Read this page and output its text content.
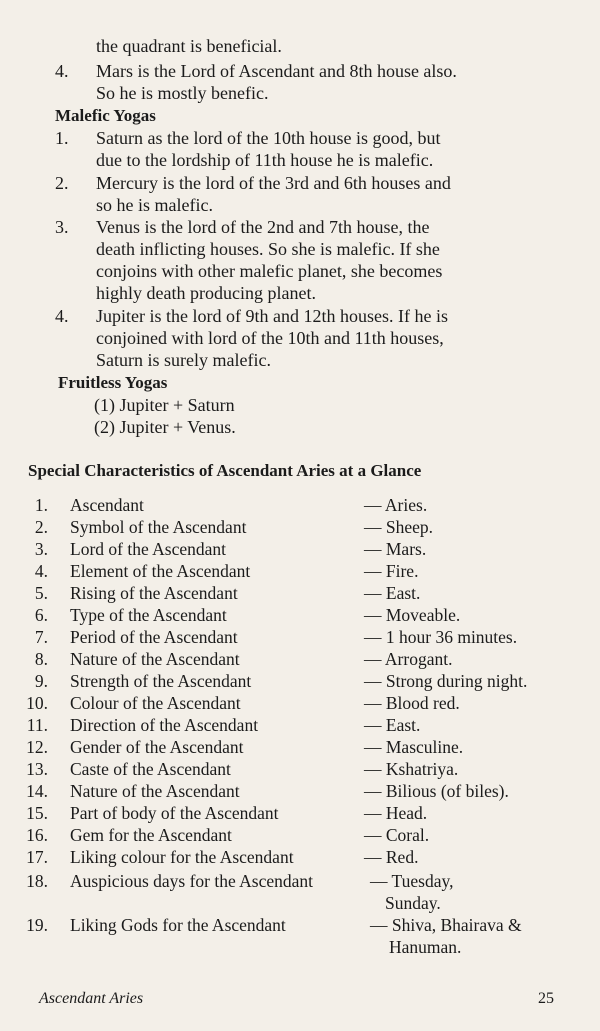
the quadrant is beneficial.
4. Mars is the Lord of Ascendant and 8th house also.
So he is mostly benefic.
Malefic Yogas
1. Saturn as the lord of the 10th house is good, but
due to the lordship of 11th house he is malefic.
2. Mercury is the lord of the 3rd and 6th houses and
so he is malefic.
3. Venus is the lord of the 2nd and 7th house, the
death inflicting houses. So she is malefic. If she
conjoins with other malefic planet, she becomes
highly death producing planet.
4. Jupiter is the lord of 9th and 12th houses. If he is
conjoined with lord of the 10th and 11th houses,
Saturn is surely malefic.
Fruitless Yogas
(1) Jupiter + Saturn
(2) Jupiter + Venus.
Special Characteristics of Ascendant Aries at a Glance
1. Ascendant	— Aries.
2. Symbol of the Ascendant	— Sheep.
3. Lord of the Ascendant	— Mars.
4. Element of the Ascendant	— Fire.
5. Rising of the Ascendant	— East.
6. Type of the Ascendant	— Moveable.
7. Period of the Ascendant	— 1 hour 36 minutes.
8. Nature of the Ascendant	— Arrogant.
9. Strength of the Ascendant	— Strong during night.
10. Colour of the Ascendant	— Blood red.
11. Direction of the Ascendant	— East.
12. Gender of the Ascendant	— Masculine.
13. Caste of the Ascendant	— Kshatriya.
14. Nature of the Ascendant	— Bilious (of biles).
15. Part of body of the Ascendant	— Head.
16. Gem for the Ascendant	— Coral.
17. Liking colour for the Ascendant	— Red.
18. Auspicious days for the Ascendant	— Tuesday,
Sunday.
19. Liking Gods for the Ascendant	— Shiva, Bhairava &
Hanuman.
Ascendant Aries	25
